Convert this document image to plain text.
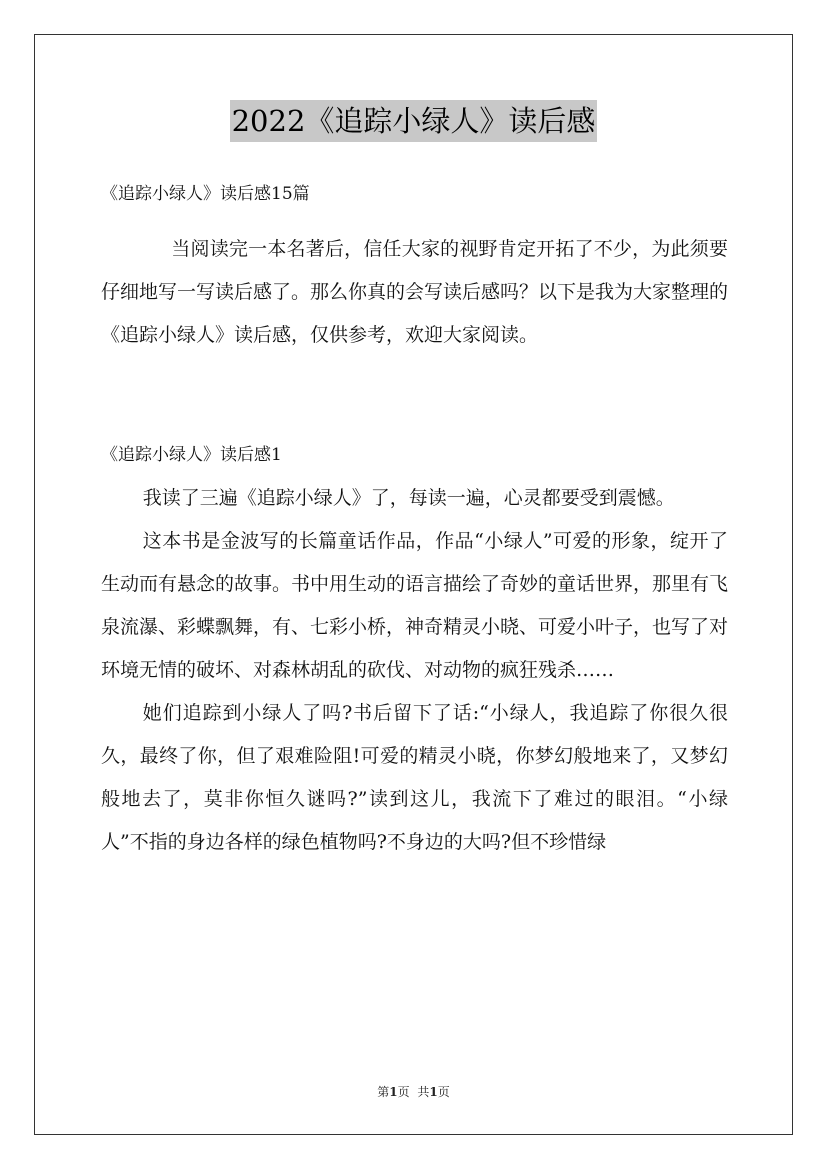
2022《追踪小绿人》读后感

《追踪小绿人》读后感15篇

当阅读完一本名著后，信任大家的视野肯定开拓了不少，为此须要仔细地写一写读后感了。那么你真的会写读后感吗？以下是我为大家整理的《追踪小绿人》读后感，仅供参考，欢迎大家阅读。

《追踪小绿人》读后感1

我读了三遍《追踪小绿人》了，每读一遍，心灵都要受到震憾。

这本书是金波写的长篇童话作品，作品“小绿人”可爱的形象，绽开了生动而有悬念的故事。书中用生动的语言描绘了奇妙的童话世界，那里有飞泉流瀑、彩蝶飘舞，有、七彩小桥，神奇精灵小晓、可爱小叶子，也写了对环境无情的破坏、对森林胡乱的砍伐、对动物的疯狂残杀……

她们追踪到小绿人了吗?书后留下了话:“小绿人，我追踪了你很久很久，最终了你，但了艰难险阻!可爱的精灵小晓，你梦幻般地来了，又梦幻般地去了，莫非你恒久谜吗?”读到这儿，我流下了难过的眼泪。“小绿人”不指的身边各样的绿色植物吗?不身边的大吗?但不珍惜绿

第1页 共1页
